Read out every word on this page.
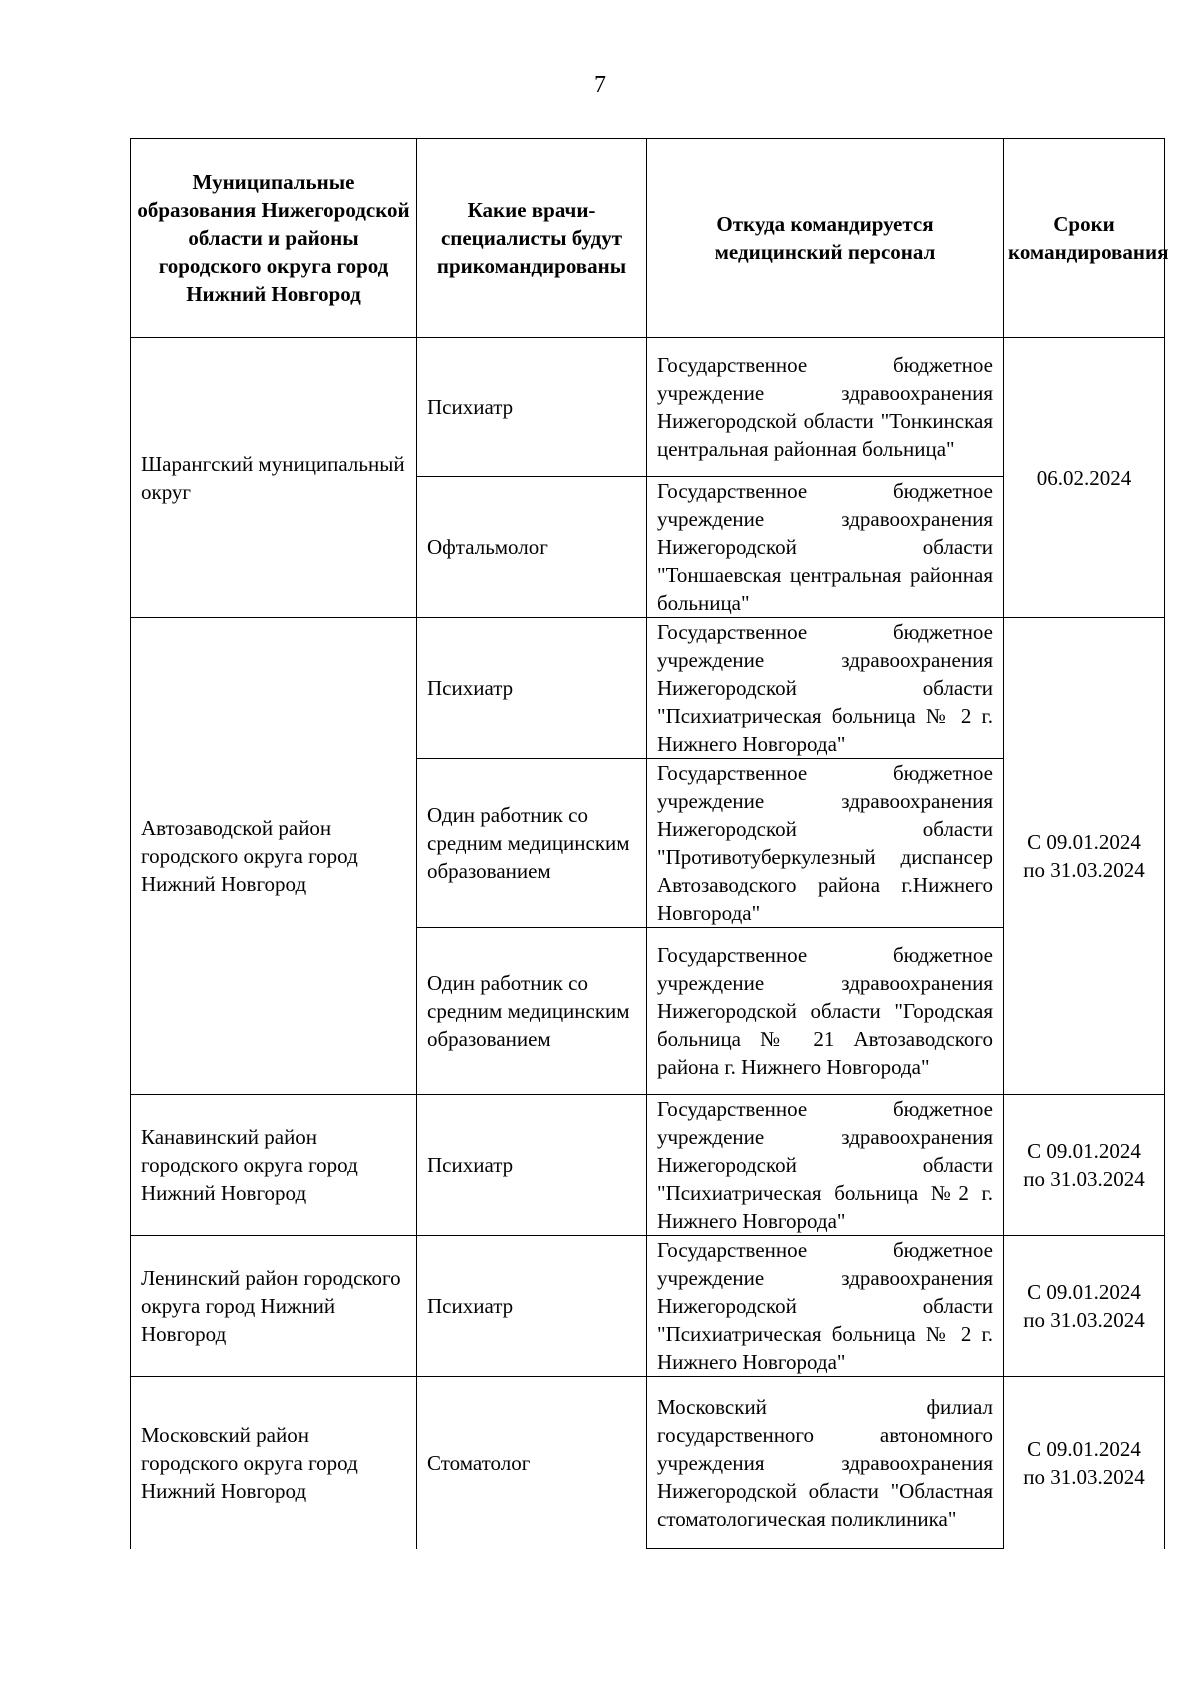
7
Муниципальные образования Нижегородской области и районы городского округа город Нижний Новгород	Какие врачи-специалисты будут прикомандированы	Откуда командируется медицинский персонал	Сроки командирования
Шарангский муниципальный округ	Психиатр	Государственное бюджетное учреждение здравоохранения Нижегородской области "Тонкинская центральная районная больница"	06.02.2024
	Офтальмолог	Государственное бюджетное учреждение здравоохранения Нижегородской области "Тоншаевская центральная районная больница"	
Автозаводской район городского округа город Нижний Новгород	Психиатр	Государственное бюджетное учреждение здравоохранения Нижегородской области "Психиатрическая больница № 2 г. Нижнего Новгорода"	С 09.01.2024
по 31.03.2024
	Один работник со средним медицинским образованием	Государственное бюджетное учреждение здравоохранения Нижегородской области "Противотуберкулезный диспансер Автозаводского района г.Нижнего Новгорода"	
	Один работник со средним медицинским образованием	Государственное бюджетное учреждение здравоохранения Нижегородской области "Городская больница № 21 Автозаводского района г. Нижнего Новгорода"	
Канавинский район городского округа город Нижний Новгород	Психиатр	Государственное бюджетное учреждение здравоохранения Нижегородской области "Психиатрическая больница №2 г. Нижнего Новгорода"	С 09.01.2024
по 31.03.2024
Ленинский район городского округа город Нижний Новгород	Психиатр	Государственное бюджетное учреждение здравоохранения Нижегородской области "Психиатрическая больница № 2 г. Нижнего Новгорода"	С 09.01.2024
по 31.03.2024
Московский район городского округа город Нижний Новгород	Стоматолог	Московский филиал государственного автономного учреждения здравоохранения Нижегородской области "Областная стоматологическая поликлиника"	С 09.01.2024
по 31.03.2024
